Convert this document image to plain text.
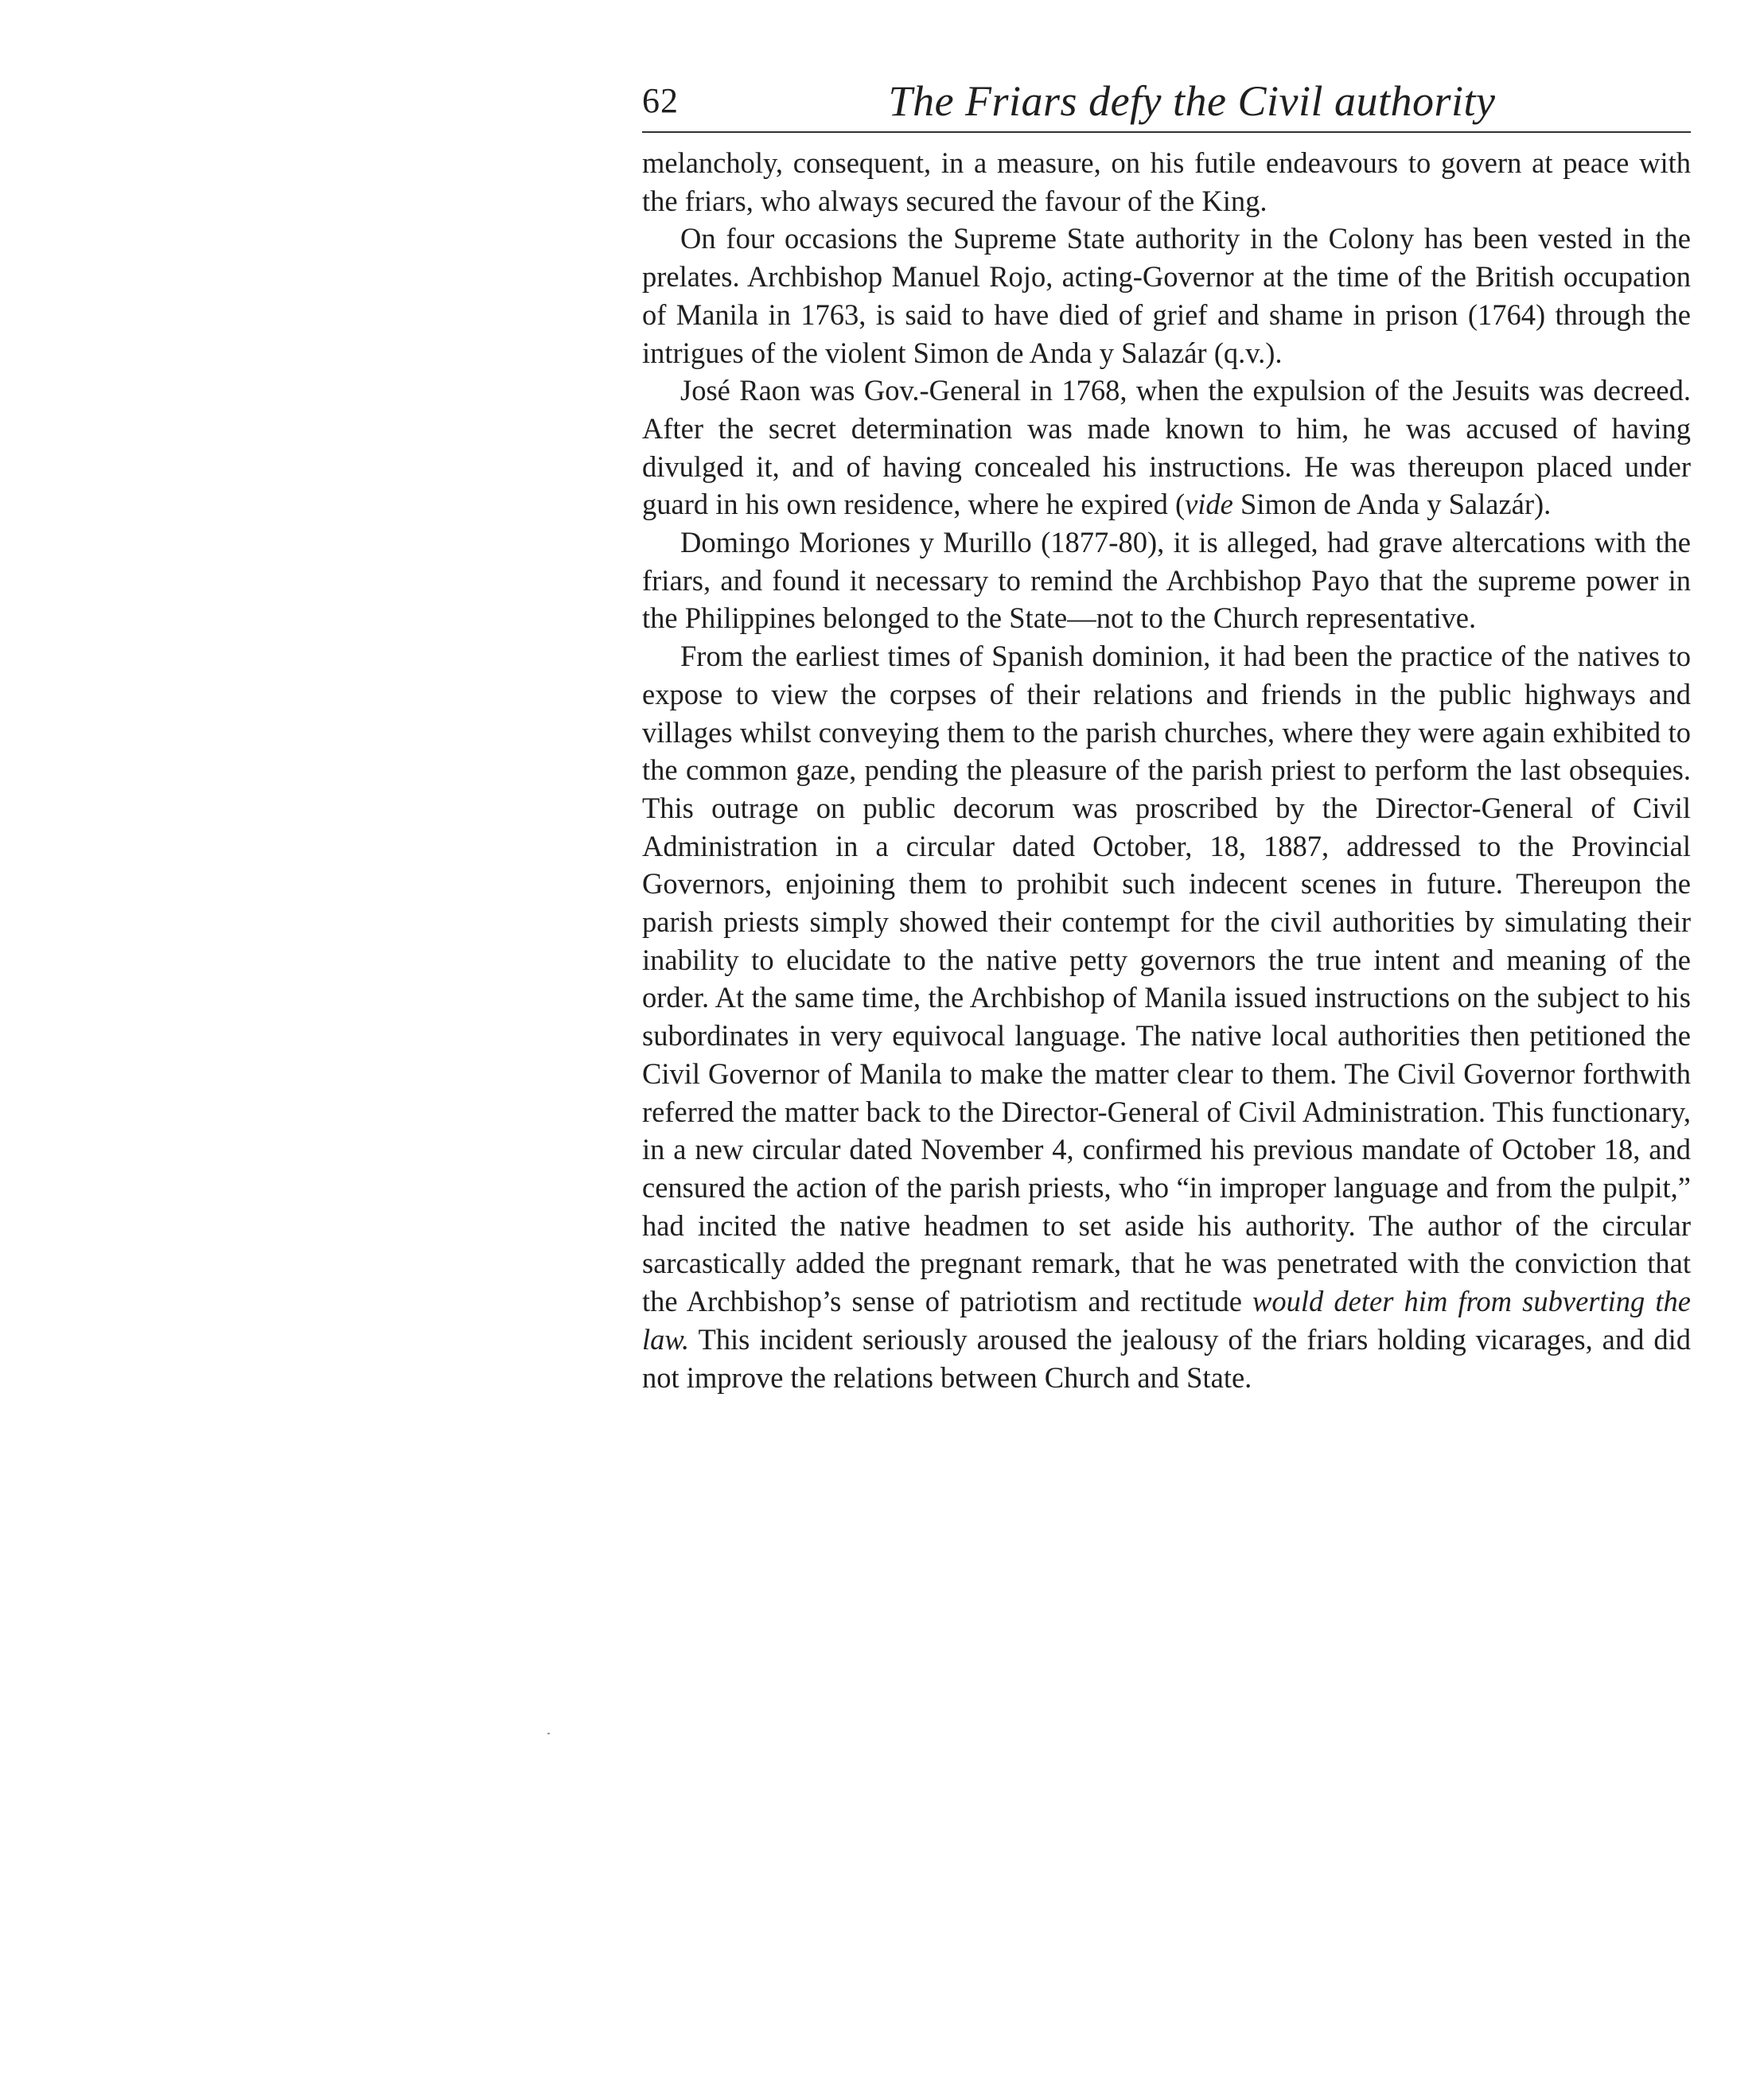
62	The Friars defy the Civil authority

melancholy, consequent, in a measure, on his futile endeavours to govern at peace with the friars, who always secured the favour of the King.

On four occasions the Supreme State authority in the Colony has been vested in the prelates. Archbishop Manuel Rojo, acting-Governor at the time of the British occupation of Manila in 1763, is said to have died of grief and shame in prison (1764) through the intrigues of the violent Simon de Anda y Salazár (q.v.).

José Raon was Gov.-General in 1768, when the expulsion of the Jesuits was decreed. After the secret determination was made known to him, he was accused of having divulged it, and of having concealed his instructions. He was thereupon placed under guard in his own residence, where he expired (vide Simon de Anda y Salazár).

Domingo Moriones y Murillo (1877-80), it is alleged, had grave altercations with the friars, and found it necessary to remind the Archbishop Payo that the supreme power in the Philippines belonged to the State—not to the Church representative.

From the earliest times of Spanish dominion, it had been the practice of the natives to expose to view the corpses of their relations and friends in the public highways and villages whilst conveying them to the parish churches, where they were again exhibited to the common gaze, pending the pleasure of the parish priest to perform the last obsequies. This outrage on public decorum was proscribed by the Director-General of Civil Administration in a circular dated October, 18, 1887, addressed to the Provincial Governors, enjoining them to prohibit such indecent scenes in future. Thereupon the parish priests simply showed their contempt for the civil authorities by simulating their inability to elucidate to the native petty governors the true intent and meaning of the order. At the same time, the Archbishop of Manila issued instructions on the subject to his subordinates in very equivocal language. The native local authorities then petitioned the Civil Governor of Manila to make the matter clear to them. The Civil Governor forthwith referred the matter back to the Director-General of Civil Administration. This functionary, in a new circular dated November 4, confirmed his previous mandate of October 18, and censured the action of the parish priests, who “in improper language and from the pulpit,” had incited the native headmen to set aside his authority. The author of the circular sarcastically added the pregnant remark, that he was penetrated with the conviction that the Archbishop’s sense of patriotism and rectitude would deter him from subverting the law. This incident seriously aroused the jealousy of the friars holding vicarages, and did not improve the relations between Church and State.
